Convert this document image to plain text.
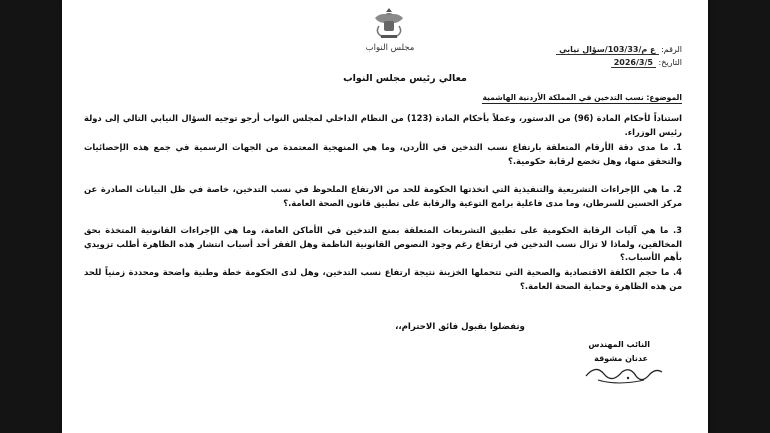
مجلس النواب	الرقم: ع م/103/33/سؤال نيابي
التاريخ: 2026/3/5
معالي رئيس مجلس النواب
الموضوع: نسب التدخين في المملكة الأردنية الهاشمية

استناداً لأحكام المادة (96) من الدستور، وعملاً بأحكام المادة (123) من النظام الداخلي لمجلس النواب أرجو توجيه السؤال النيابي التالي إلى دولة رئيس الوزراء.

1. ما مدى دقة الأرقام المتعلقة بارتفاع نسب التدخين في الأردن، وما هي المنهجية المعتمدة من الجهات الرسمية في جمع هذه الإحصائيات والتحقق منها، وهل تخضع لرقابة حكومية.؟

2. ما هي الإجراءات التشريعية والتنفيذية التي اتخذتها الحكومة للحد من الارتفاع الملحوظ في نسب التدخين، خاصة في ظل البيانات الصادرة عن مركز الحسين للسرطان، وما مدى فاعلية برامج التوعية والرقابة على تطبيق قانون الصحة العامة.؟

3. ما هي آليات الرقابة الحكومية على تطبيق التشريعات المتعلقة بمنع التدخين في الأماكن العامة، وما هي الإجراءات القانونية المتخذة بحق المخالفين، ولماذا لا تزال نسب التدخين في ارتفاع رغم وجود النصوص القانونية الناظمة وهل الفقر أحد أسباب انتشار هذه الظاهرة أطلب تزويدي بأهم الأسباب.؟

4. ما حجم الكلفة الاقتصادية والصحية التي تتحملها الخزينة نتيجة ارتفاع نسب التدخين، وهل لدى الحكومة خطة وطنية واضحة ومحددة زمنياً للحد من هذه الظاهرة وحماية الصحة العامة.؟

وتفضلوا بقبول فائق الاحترام،،
النائب المهندس
عدنان مشوقة
